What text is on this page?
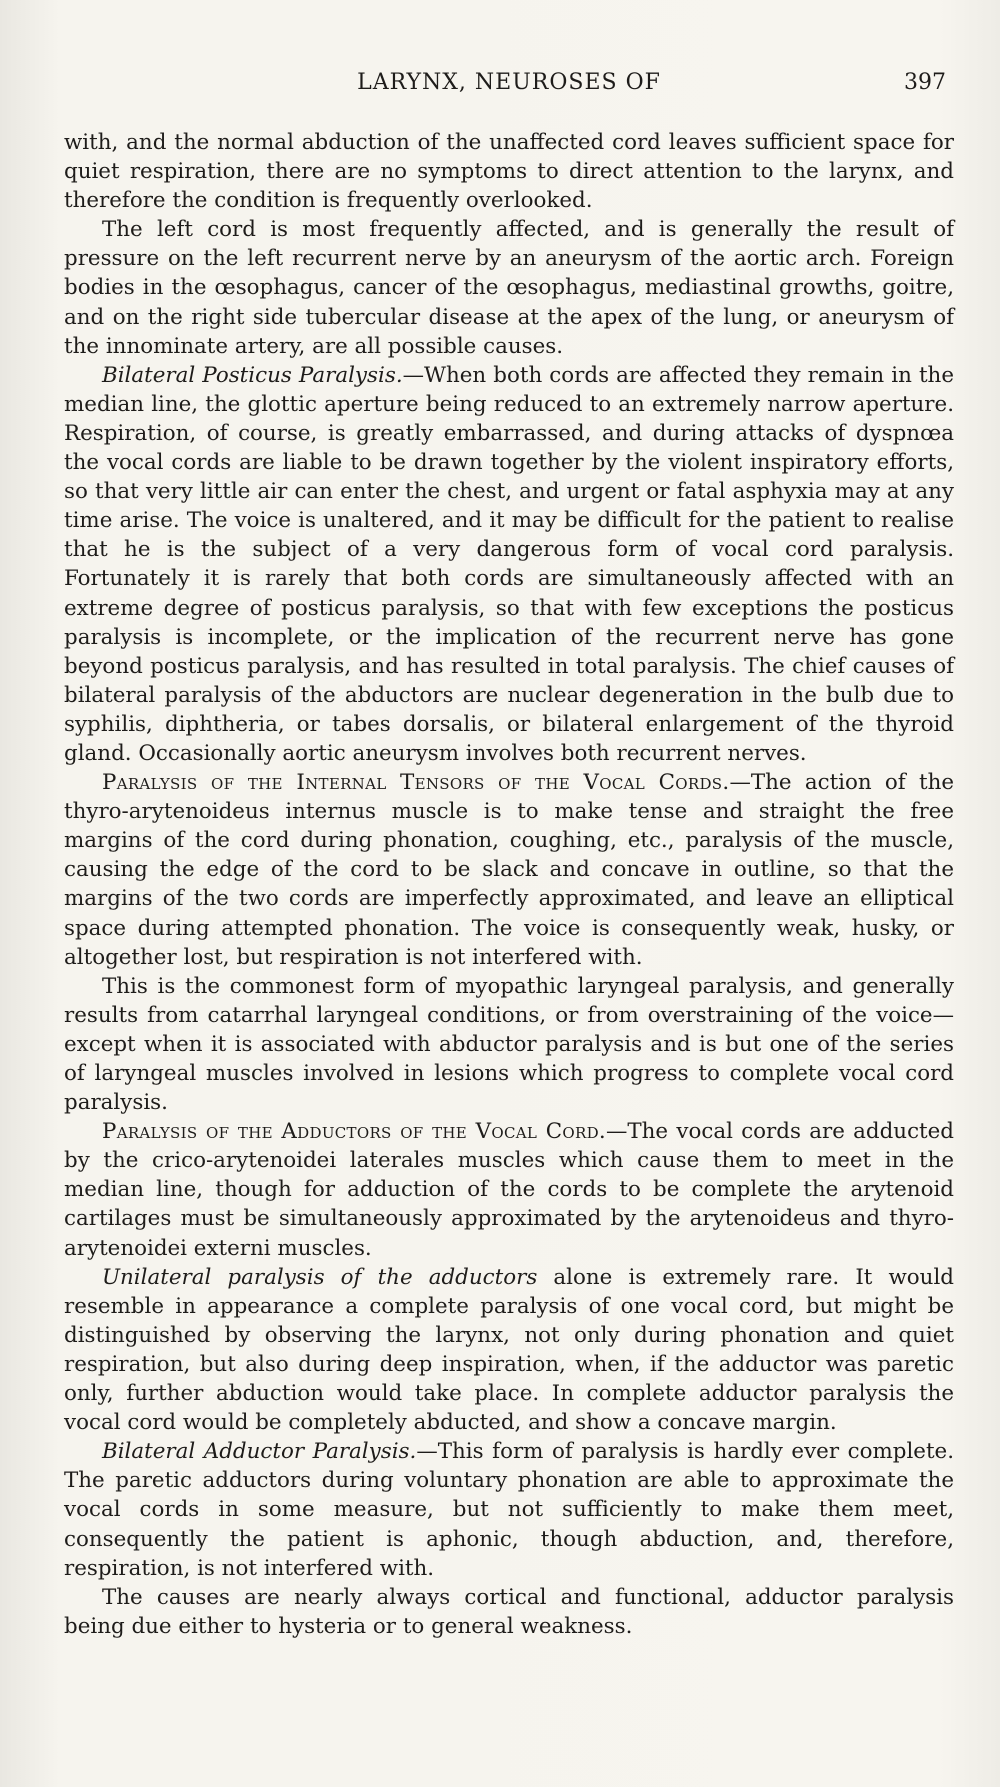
LARYNX, NEUROSES OF	397

with, and the normal abduction of the unaffected cord leaves sufficient space for quiet respiration, there are no symptoms to direct attention to the larynx, and therefore the condition is frequently overlooked.

The left cord is most frequently affected, and is generally the result of pressure on the left recurrent nerve by an aneurysm of the aortic arch. Foreign bodies in the œsophagus, cancer of the œsophagus, mediastinal growths, goitre, and on the right side tubercular disease at the apex of the lung, or aneurysm of the innominate artery, are all possible causes.

Bilateral Posticus Paralysis.—When both cords are affected they remain in the median line, the glottic aperture being reduced to an extremely narrow aperture. Respiration, of course, is greatly embarrassed, and during attacks of dyspnœa the vocal cords are liable to be drawn together by the violent inspiratory efforts, so that very little air can enter the chest, and urgent or fatal asphyxia may at any time arise. The voice is unaltered, and it may be difficult for the patient to realise that he is the subject of a very dangerous form of vocal cord paralysis. Fortunately it is rarely that both cords are simultaneously affected with an extreme degree of posticus paralysis, so that with few exceptions the posticus paralysis is incomplete, or the implication of the recurrent nerve has gone beyond posticus paralysis, and has resulted in total paralysis. The chief causes of bilateral paralysis of the abductors are nuclear degeneration in the bulb due to syphilis, diphtheria, or tabes dorsalis, or bilateral enlargement of the thyroid gland. Occasionally aortic aneurysm involves both recurrent nerves.

Paralysis of the Internal Tensors of the Vocal Cords.—The action of the thyro-arytenoideus internus muscle is to make tense and straight the free margins of the cord during phonation, coughing, etc., paralysis of the muscle, causing the edge of the cord to be slack and concave in outline, so that the margins of the two cords are imperfectly approximated, and leave an elliptical space during attempted phonation. The voice is consequently weak, husky, or altogether lost, but respiration is not interfered with.

This is the commonest form of myopathic laryngeal paralysis, and generally results from catarrhal laryngeal conditions, or from overstraining of the voice—except when it is associated with abductor paralysis and is but one of the series of laryngeal muscles involved in lesions which progress to complete vocal cord paralysis.

Paralysis of the Adductors of the Vocal Cord.—The vocal cords are adducted by the crico-arytenoidei laterales muscles which cause them to meet in the median line, though for adduction of the cords to be complete the arytenoid cartilages must be simultaneously approximated by the arytenoideus and thyro-arytenoidei externi muscles.

Unilateral paralysis of the adductors alone is extremely rare. It would resemble in appearance a complete paralysis of one vocal cord, but might be distinguished by observing the larynx, not only during phonation and quiet respiration, but also during deep inspiration, when, if the adductor was paretic only, further abduction would take place. In complete adductor paralysis the vocal cord would be completely abducted, and show a concave margin.

Bilateral Adductor Paralysis.—This form of paralysis is hardly ever complete. The paretic adductors during voluntary phonation are able to approximate the vocal cords in some measure, but not sufficiently to make them meet, consequently the patient is aphonic, though abduction, and, therefore, respiration, is not interfered with.

The causes are nearly always cortical and functional, adductor paralysis being due either to hysteria or to general weakness.
